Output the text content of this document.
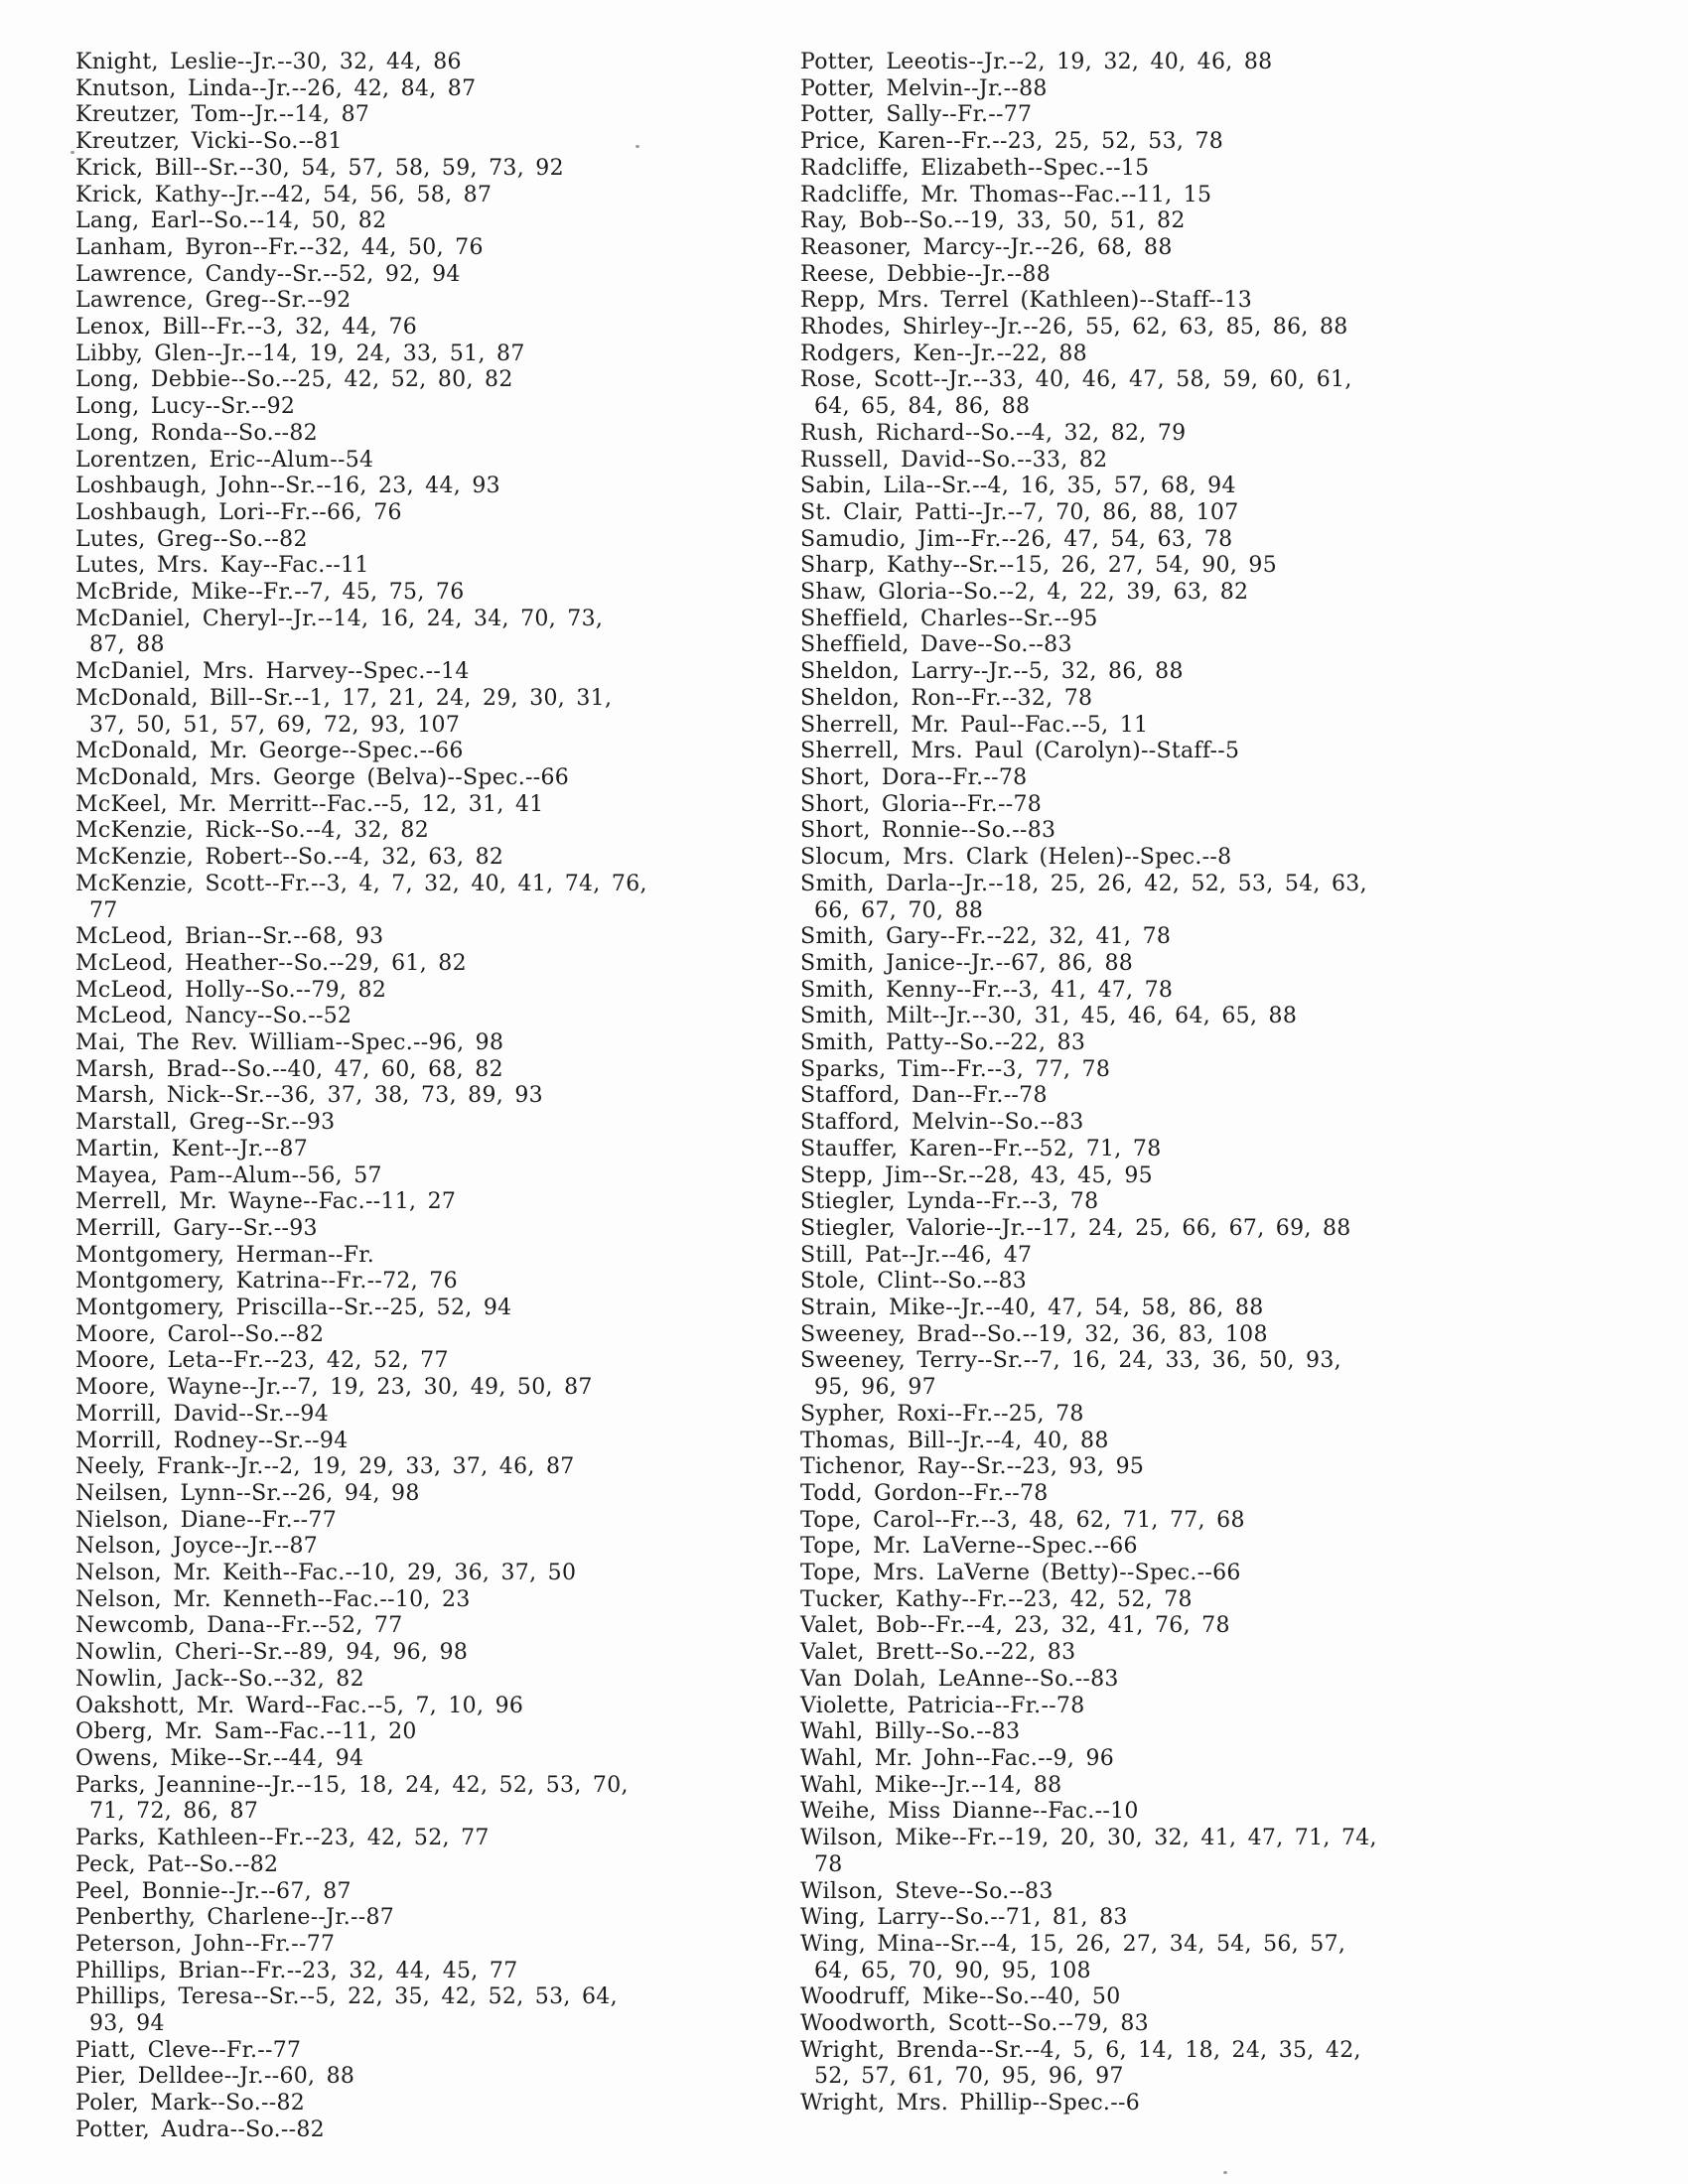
Knight, Leslie--Jr.--30, 32, 44, 86
Knutson, Linda--Jr.--26, 42, 84, 87
Kreutzer, Tom--Jr.--14, 87
Kreutzer, Vicki--So.--81
Krick, Bill--Sr.--30, 54, 57, 58, 59, 73, 92
Krick, Kathy--Jr.--42, 54, 56, 58, 87
Lang, Earl--So.--14, 50, 82
Lanham, Byron--Fr.--32, 44, 50, 76
Lawrence, Candy--Sr.--52, 92, 94
Lawrence, Greg--Sr.--92
Lenox, Bill--Fr.--3, 32, 44, 76
Libby, Glen--Jr.--14, 19, 24, 33, 51, 87
Long, Debbie--So.--25, 42, 52, 80, 82
Long, Lucy--Sr.--92
Long, Ronda--So.--82
Lorentzen, Eric--Alum--54
Loshbaugh, John--Sr.--16, 23, 44, 93
Loshbaugh, Lori--Fr.--66, 76
Lutes, Greg--So.--82
Lutes, Mrs. Kay--Fac.--11
McBride, Mike--Fr.--7, 45, 75, 76
McDaniel, Cheryl--Jr.--14, 16, 24, 34, 70, 73,
87, 88
McDaniel, Mrs. Harvey--Spec.--14
McDonald, Bill--Sr.--1, 17, 21, 24, 29, 30, 31,
37, 50, 51, 57, 69, 72, 93, 107
McDonald, Mr. George--Spec.--66
McDonald, Mrs. George (Belva)--Spec.--66
McKeel, Mr. Merritt--Fac.--5, 12, 31, 41
McKenzie, Rick--So.--4, 32, 82
McKenzie, Robert--So.--4, 32, 63, 82
McKenzie, Scott--Fr.--3, 4, 7, 32, 40, 41, 74, 76,
77
McLeod, Brian--Sr.--68, 93
McLeod, Heather--So.--29, 61, 82
McLeod, Holly--So.--79, 82
McLeod, Nancy--So.--52
Mai, The Rev. William--Spec.--96, 98
Marsh, Brad--So.--40, 47, 60, 68, 82
Marsh, Nick--Sr.--36, 37, 38, 73, 89, 93
Marstall, Greg--Sr.--93
Martin, Kent--Jr.--87
Mayea, Pam--Alum--56, 57
Merrell, Mr. Wayne--Fac.--11, 27
Merrill, Gary--Sr.--93
Montgomery, Herman--Fr.
Montgomery, Katrina--Fr.--72, 76
Montgomery, Priscilla--Sr.--25, 52, 94
Moore, Carol--So.--82
Moore, Leta--Fr.--23, 42, 52, 77
Moore, Wayne--Jr.--7, 19, 23, 30, 49, 50, 87
Morrill, David--Sr.--94
Morrill, Rodney--Sr.--94
Neely, Frank--Jr.--2, 19, 29, 33, 37, 46, 87
Neilsen, Lynn--Sr.--26, 94, 98
Nielson, Diane--Fr.--77
Nelson, Joyce--Jr.--87
Nelson, Mr. Keith--Fac.--10, 29, 36, 37, 50
Nelson, Mr. Kenneth--Fac.--10, 23
Newcomb, Dana--Fr.--52, 77
Nowlin, Cheri--Sr.--89, 94, 96, 98
Nowlin, Jack--So.--32, 82
Oakshott, Mr. Ward--Fac.--5, 7, 10, 96
Oberg, Mr. Sam--Fac.--11, 20
Owens, Mike--Sr.--44, 94
Parks, Jeannine--Jr.--15, 18, 24, 42, 52, 53, 70,
71, 72, 86, 87
Parks, Kathleen--Fr.--23, 42, 52, 77
Peck, Pat--So.--82
Peel, Bonnie--Jr.--67, 87
Penberthy, Charlene--Jr.--87
Peterson, John--Fr.--77
Phillips, Brian--Fr.--23, 32, 44, 45, 77
Phillips, Teresa--Sr.--5, 22, 35, 42, 52, 53, 64,
93, 94
Piatt, Cleve--Fr.--77
Pier, Delldee--Jr.--60, 88
Poler, Mark--So.--82
Potter, Audra--So.--82
Potter, Leeotis--Jr.--2, 19, 32, 40, 46, 88
Potter, Melvin--Jr.--88
Potter, Sally--Fr.--77
Price, Karen--Fr.--23, 25, 52, 53, 78
Radcliffe, Elizabeth--Spec.--15
Radcliffe, Mr. Thomas--Fac.--11, 15
Ray, Bob--So.--19, 33, 50, 51, 82
Reasoner, Marcy--Jr.--26, 68, 88
Reese, Debbie--Jr.--88
Repp, Mrs. Terrel (Kathleen)--Staff--13
Rhodes, Shirley--Jr.--26, 55, 62, 63, 85, 86, 88
Rodgers, Ken--Jr.--22, 88
Rose, Scott--Jr.--33, 40, 46, 47, 58, 59, 60, 61,
64, 65, 84, 86, 88
Rush, Richard--So.--4, 32, 82, 79
Russell, David--So.--33, 82
Sabin, Lila--Sr.--4, 16, 35, 57, 68, 94
St. Clair, Patti--Jr.--7, 70, 86, 88, 107
Samudio, Jim--Fr.--26, 47, 54, 63, 78
Sharp, Kathy--Sr.--15, 26, 27, 54, 90, 95
Shaw, Gloria--So.--2, 4, 22, 39, 63, 82
Sheffield, Charles--Sr.--95
Sheffield, Dave--So.--83
Sheldon, Larry--Jr.--5, 32, 86, 88
Sheldon, Ron--Fr.--32, 78
Sherrell, Mr. Paul--Fac.--5, 11
Sherrell, Mrs. Paul (Carolyn)--Staff--5
Short, Dora--Fr.--78
Short, Gloria--Fr.--78
Short, Ronnie--So.--83
Slocum, Mrs. Clark (Helen)--Spec.--8
Smith, Darla--Jr.--18, 25, 26, 42, 52, 53, 54, 63,
66, 67, 70, 88
Smith, Gary--Fr.--22, 32, 41, 78
Smith, Janice--Jr.--67, 86, 88
Smith, Kenny--Fr.--3, 41, 47, 78
Smith, Milt--Jr.--30, 31, 45, 46, 64, 65, 88
Smith, Patty--So.--22, 83
Sparks, Tim--Fr.--3, 77, 78
Stafford, Dan--Fr.--78
Stafford, Melvin--So.--83
Stauffer, Karen--Fr.--52, 71, 78
Stepp, Jim--Sr.--28, 43, 45, 95
Stiegler, Lynda--Fr.--3, 78
Stiegler, Valorie--Jr.--17, 24, 25, 66, 67, 69, 88
Still, Pat--Jr.--46, 47
Stole, Clint--So.--83
Strain, Mike--Jr.--40, 47, 54, 58, 86, 88
Sweeney, Brad--So.--19, 32, 36, 83, 108
Sweeney, Terry--Sr.--7, 16, 24, 33, 36, 50, 93,
95, 96, 97
Sypher, Roxi--Fr.--25, 78
Thomas, Bill--Jr.--4, 40, 88
Tichenor, Ray--Sr.--23, 93, 95
Todd, Gordon--Fr.--78
Tope, Carol--Fr.--3, 48, 62, 71, 77, 68
Tope, Mr. LaVerne--Spec.--66
Tope, Mrs. LaVerne (Betty)--Spec.--66
Tucker, Kathy--Fr.--23, 42, 52, 78
Valet, Bob--Fr.--4, 23, 32, 41, 76, 78
Valet, Brett--So.--22, 83
Van Dolah, LeAnne--So.--83
Violette, Patricia--Fr.--78
Wahl, Billy--So.--83
Wahl, Mr. John--Fac.--9, 96
Wahl, Mike--Jr.--14, 88
Weihe, Miss Dianne--Fac.--10
Wilson, Mike--Fr.--19, 20, 30, 32, 41, 47, 71, 74,
78
Wilson, Steve--So.--83
Wing, Larry--So.--71, 81, 83
Wing, Mina--Sr.--4, 15, 26, 27, 34, 54, 56, 57,
64, 65, 70, 90, 95, 108
Woodruff, Mike--So.--40, 50
Woodworth, Scott--So.--79, 83
Wright, Brenda--Sr.--4, 5, 6, 14, 18, 24, 35, 42,
52, 57, 61, 70, 95, 96, 97
Wright, Mrs. Phillip--Spec.--6
